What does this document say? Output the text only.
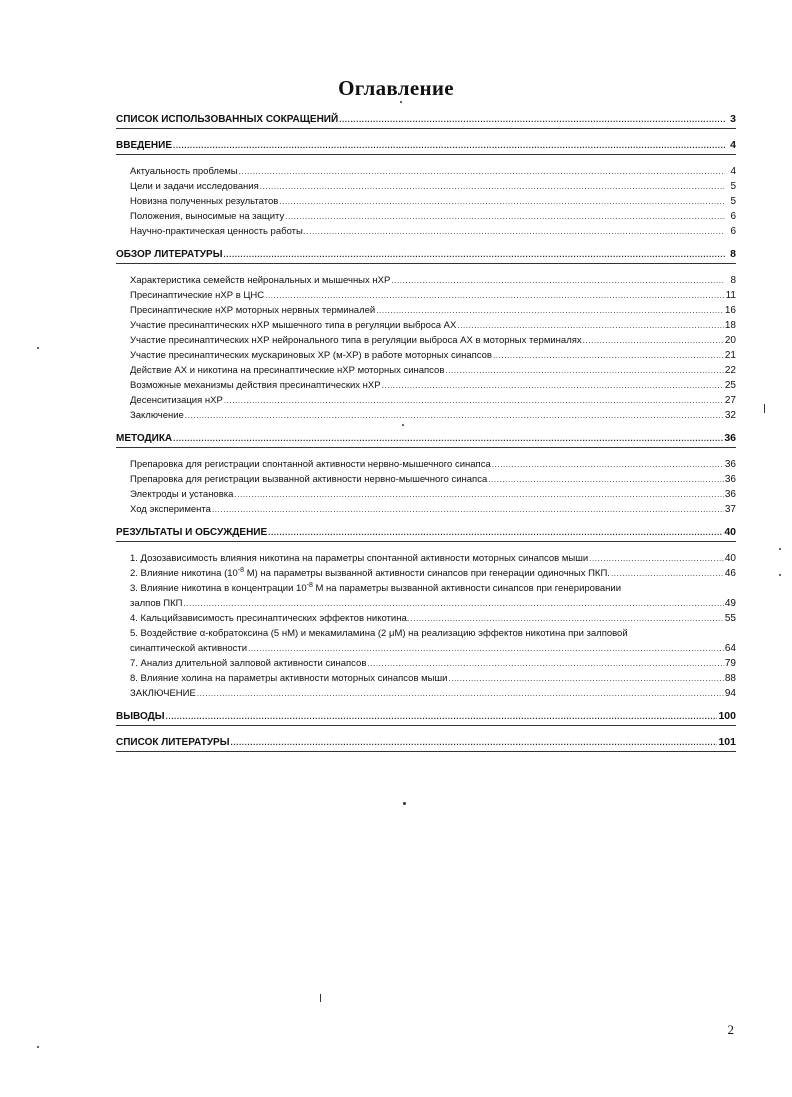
Оглавление
СПИСОК ИСПОЛЬЗОВАННЫХ СОКРАЩЕНИЙ .....	3
ВВЕДЕНИЕ .....	4
Актуальность проблемы .....	4
Цели и задачи исследования .....	5
Новизна полученных результатов .....	5
Положения, выносимые на защиту .....	6
Научно-практическая ценность работы. .....	6
ОБЗОР ЛИТЕРАТУРЫ .....	8
Характеристика семейств нейрональных и мышечных нХР .....	8
Пресинаптические нХР в ЦНС .....	11
Пресинаптические нХР моторных нервных терминалей .....	16
Участие пресинаптических нХР мышечного типа в регуляции выброса АХ .....	18
Участие пресинаптических нХР нейронального типа в регуляции выброса АХ в моторных терминалях .....	20
Участие пресинаптических мускариновых ХР (м-ХР) в работе моторных синапсов .....	21
Действие АХ и никотина на пресинаптические нХР моторных синапсов .....	22
Возможные механизмы действия пресинаптических нХР .....	25
Десенситизация нХР .....	27
Заключение .....	32
МЕТОДИКА .....	36
Препаровка для регистрации спонтанной активности нервно-мышечного синапса .....	36
Препаровка для регистрации вызванной активности нервно-мышечного синапса .....	36
Электроды и установка .....	36
Ход эксперимента .....	37
РЕЗУЛЬТАТЫ И ОБСУЖДЕНИЕ .....	40
1. Дозозависимость влияния никотина на параметры спонтанной активности моторных синапсов мыши .....	40
2. Влияние никотина ($10^{-8}$ М) на параметры вызванной активности синапсов при генерации одиночных ПКП. .....	46
3. Влияние никотина в концентрации $10^{-8}$ М на параметры вызванной активности синапсов при генерировании
залпов ПКП .....	49
4. Кальцийзависимость пресинаптических эффектов никотина. .....	55
5. Воздействие α-кобратоксина (5 нМ) и мекамиламина (2 μМ) на реализацию эффектов никотина при залповой
синаптической активности .....	64
7. Анализ длительной залповой активности синапсов .....	79
8. Влияние холина на параметры активности моторных синапсов мыши .....	88
ЗАКЛЮЧЕНИЕ .....	94
ВЫВОДЫ .....	100
СПИСОК ЛИТЕРАТУРЫ .....	101
2
